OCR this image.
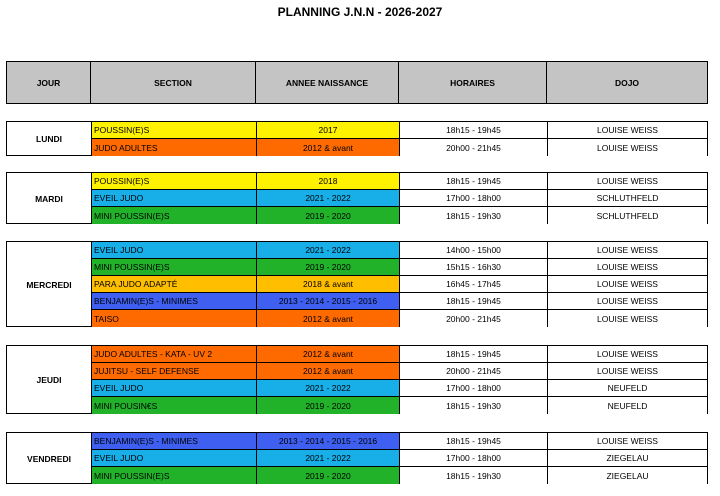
PLANNING J.N.N - 2026-2027
JOUR	SECTION	ANNEE NAISSANCE	HORAIRES	DOJO
LUNDI
POUSSIN(E)S	2017	18h15 - 19h45	LOUISE WEISS
JUDO ADULTES	2012 & avant	20h00 - 21h45	LOUISE WEISS
MARDI
POUSSIN(E)S	2018	18h15 - 19h45	LOUISE WEISS
EVEIL JUDO	2021 - 2022	17h00 - 18h00	SCHLUTHFELD
MINI POUSSIN(E)S	2019 - 2020	18h15 - 19h30	SCHLUTHFELD
MERCREDI
EVEIL JUDO	2021 - 2022	14h00 - 15h00	LOUISE WEISS
MINI POUSSIN(E)S	2019 - 2020	15h15 - 16h30	LOUISE WEISS
PARA JUDO ADAPTÉ	2018 & avant	16h45 - 17h45	LOUISE WEISS
BENJAMIN(E)S - MINIMES	2013 - 2014 - 2015 - 2016	18h15 - 19h45	LOUISE WEISS
TAISO	2012 & avant	20h00 - 21h45	LOUISE WEISS
JEUDI
JUDO ADULTES - KATA - UV 2	2012 & avant	18h15 - 19h45	LOUISE WEISS
JUJITSU - SELF DEFENSE	2012 & avant	20h00 - 21h45	LOUISE WEISS
EVEIL JUDO	2021 - 2022	17h00 - 18h00	NEUFELD
MINI POUSIN€S	2019 - 2020	18h15 - 19h30	NEUFELD
VENDREDI
BENJAMIN(E)S - MINIMES	2013 - 2014 - 2015 - 2016	18h15 - 19h45	LOUISE WEISS
EVEIL JUDO	2021 - 2022	17h00 - 18h00	ZIEGELAU
MINI POUSSIN(E)S	2019 - 2020	18h15 - 19h30	ZIEGELAU
